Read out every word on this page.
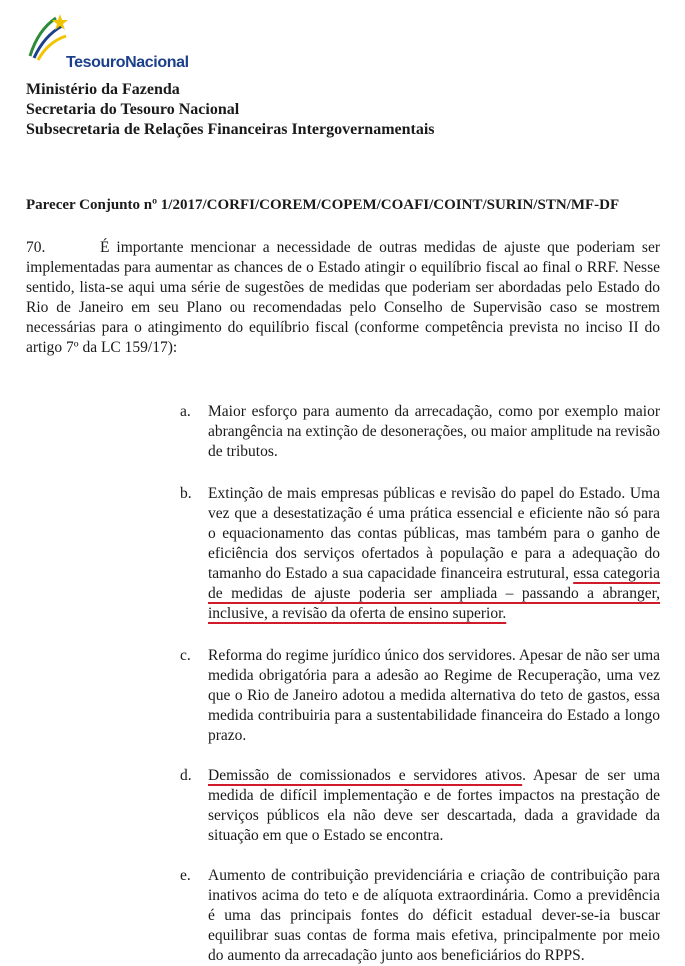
TesouroNacional
Ministério da Fazenda
Secretaria do Tesouro Nacional
Subsecretaria de Relações Financeiras Intergovernamentais
Parecer Conjunto nº 1/2017/CORFI/COREM/COPEM/COAFI/COINT/SURIN/STN/MF-DF
70.	É importante mencionar a necessidade de outras medidas de ajuste que poderiam ser implementadas para aumentar as chances de o Estado atingir o equilíbrio fiscal ao final o RRF. Nesse sentido, lista-se aqui uma série de sugestões de medidas que poderiam ser abordadas pelo Estado do Rio de Janeiro em seu Plano ou recomendadas pelo Conselho de Supervisão caso se mostrem necessárias para o atingimento do equilíbrio fiscal (conforme competência prevista no inciso II do artigo 7º da LC 159/17):
a.	Maior esforço para aumento da arrecadação, como por exemplo maior abrangência na extinção de desonerações, ou maior amplitude na revisão de tributos.
b.	Extinção de mais empresas públicas e revisão do papel do Estado. Uma vez que a desestatização é uma prática essencial e eficiente não só para o equacionamento das contas públicas, mas também para o ganho de eficiência dos serviços ofertados à população e para a adequação do tamanho do Estado a sua capacidade financeira estrutural, essa categoria de medidas de ajuste poderia ser ampliada – passando a abranger, inclusive, a revisão da oferta de ensino superior.
c.	Reforma do regime jurídico único dos servidores. Apesar de não ser uma medida obrigatória para a adesão ao Regime de Recuperação, uma vez que o Rio de Janeiro adotou a medida alternativa do teto de gastos, essa medida contribuiria para a sustentabilidade financeira do Estado a longo prazo.
d.	Demissão de comissionados e servidores ativos. Apesar de ser uma medida de difícil implementação e de fortes impactos na prestação de serviços públicos ela não deve ser descartada, dada a gravidade da situação em que o Estado se encontra.
e.	Aumento de contribuição previdenciária e criação de contribuição para inativos acima do teto e de alíquota extraordinária. Como a previdência é uma das principais fontes do déficit estadual dever-se-ia buscar equilibrar suas contas de forma mais efetiva, principalmente por meio do aumento da arrecadação junto aos beneficiários do RPPS.
